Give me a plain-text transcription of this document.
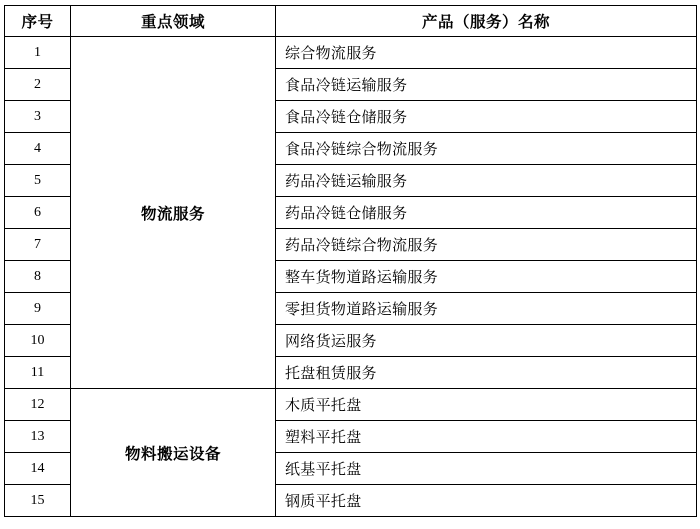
序号	重点领域	产品（服务）名称
1	物流服务	综合物流服务
2		食品冷链运输服务
3		食品冷链仓储服务
4		食品冷链综合物流服务
5		药品冷链运输服务
6		药品冷链仓储服务
7		药品冷链综合物流服务
8		整车货物道路运输服务
9		零担货物道路运输服务
10		网络货运服务
11		托盘租赁服务
12	物料搬运设备	木质平托盘
13		塑料平托盘
14		纸基平托盘
15		钢质平托盘
